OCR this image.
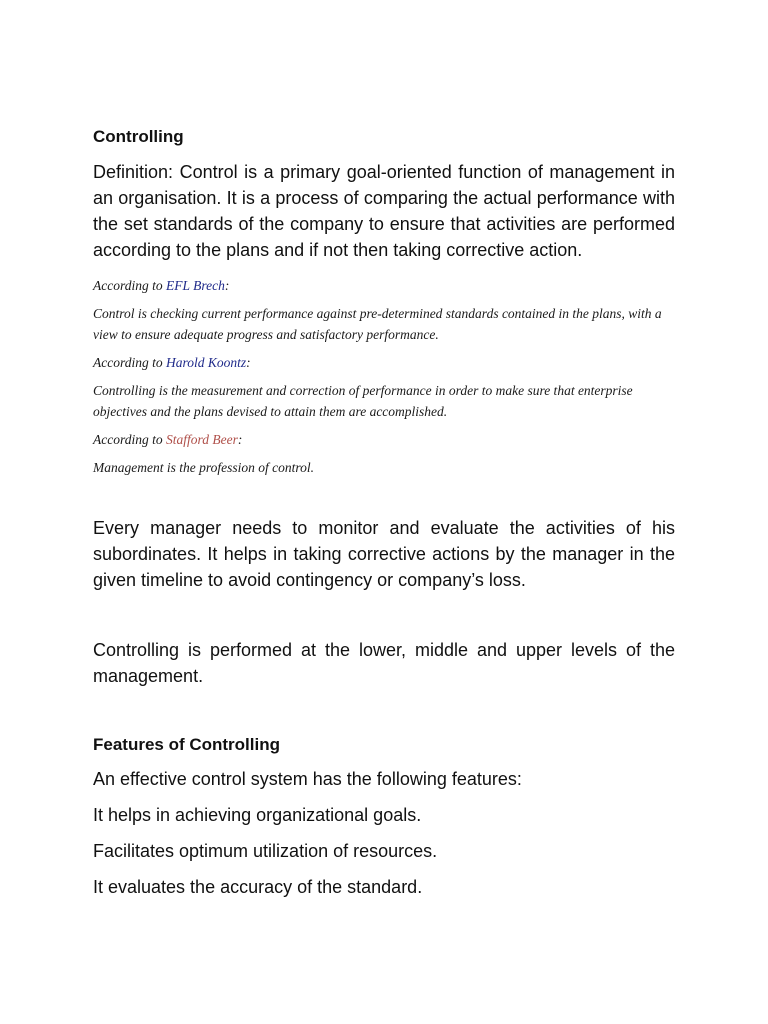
Controlling

Definition: Control is a primary goal-oriented function of management in an organisation. It is a process of comparing the actual performance with the set standards of the company to ensure that activities are performed according to the plans and if not then taking corrective action.

According to EFL Brech:

Control is checking current performance against pre-determined standards contained in the plans, with a view to ensure adequate progress and satisfactory performance.

According to Harold Koontz:

Controlling is the measurement and correction of performance in order to make sure that enterprise objectives and the plans devised to attain them are accomplished.

According to Stafford Beer:

Management is the profession of control.

Every manager needs to monitor and evaluate the activities of his subordinates. It helps in taking corrective actions by the manager in the given timeline to avoid contingency or company’s loss.

Controlling is performed at the lower, middle and upper levels of the management.

Features of Controlling

An effective control system has the following features:

It helps in achieving organizational goals.

Facilitates optimum utilization of resources.

It evaluates the accuracy of the standard.
